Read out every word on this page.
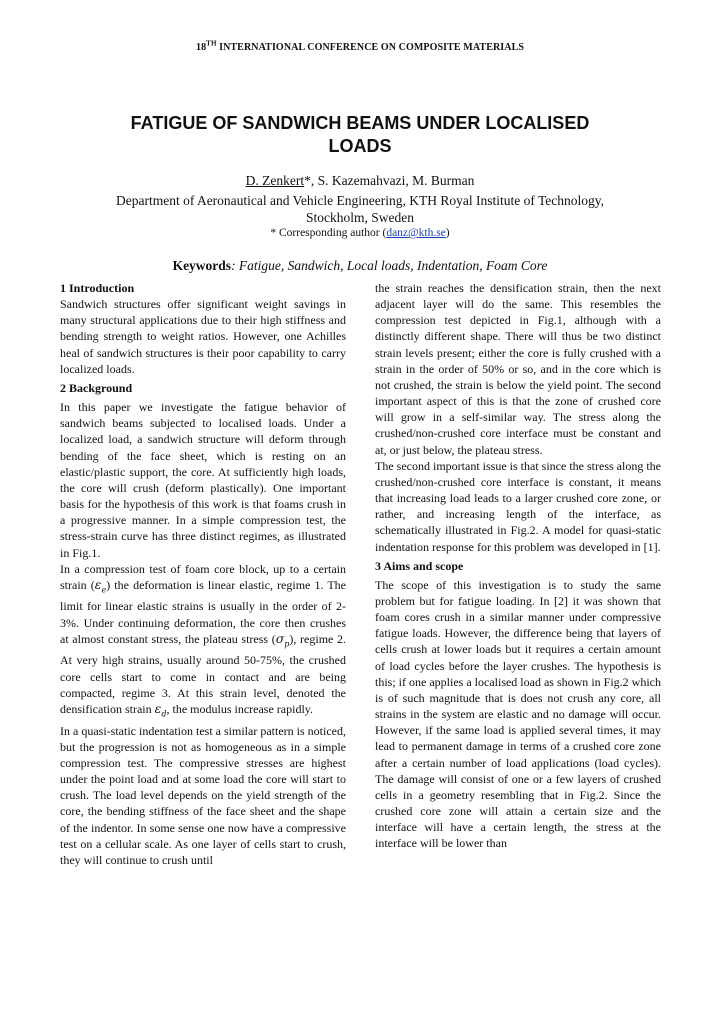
18TH INTERNATIONAL CONFERENCE ON COMPOSITE MATERIALS
FATIGUE OF SANDWICH BEAMS UNDER LOCALISED LOADS
D. Zenkert*, S. Kazemahvazi, M. Burman
Department of Aeronautical and Vehicle Engineering, KTH Royal Institute of Technology, Stockholm, Sweden
* Corresponding author (danz@kth.se)
Keywords: Fatigue, Sandwich, Local loads, Indentation, Foam Core
1 Introduction

Sandwich structures offer significant weight savings in many structural applications due to their high stiffness and bending strength to weight ratios. However, one Achilles heal of sandwich structures is their poor capability to carry localized loads.

2 Background

In this paper we investigate the fatigue behavior of sandwich beams subjected to localised loads. Under a localized load, a sandwich structure will deform through bending of the face sheet, which is resting on an elastic/plastic support, the core. At sufficiently high loads, the core will crush (deform plastically). One important basis for the hypothesis of this work is that foams crush in a progressive manner. In a simple compression test, the stress-strain curve has three distinct regimes, as illustrated in Fig.1.

In a compression test of foam core block, up to a certain strain $(\varepsilon_e)$ the deformation is linear elastic, regime 1. The limit for linear elastic strains is usually in the order of 2-3%. Under continuing deformation, the core then crushes at almost constant stress, the plateau stress $(\sigma_p)$, regime 2. At very high strains, usually around 50-75%, the crushed core cells start to come in contact and are being compacted, regime 3. At this strain level, denoted the densification strain $\varepsilon_d$, the modulus increase rapidly.

In a quasi-static indentation test a similar pattern is noticed, but the progression is not as homogeneous as in a simple compression test. The compressive stresses are highest under the point load and at some load the core will start to crush. The load level depends on the yield strength of the core, the bending stiffness of the face sheet and the shape of the indentor. In some sense one now have a compressive test on a cellular scale. As one layer of cells start to crush, they will continue to crush until

the strain reaches the densification strain, then the next adjacent layer will do the same. This resembles the compression test depicted in Fig.1, although with a distinctly different shape. There will thus be two distinct strain levels present; either the core is fully crushed with a strain in the order of 50% or so, and in the core which is not crushed, the strain is below the yield point. The second important aspect of this is that the zone of crushed core will grow in a self-similar way. The stress along the crushed/non-crushed core interface must be constant and at, or just below, the plateau stress.

The second important issue is that since the stress along the crushed/non-crushed core interface is constant, it means that increasing load leads to a larger crushed core zone, or rather, and increasing length of the interface, as schematically illustrated in Fig.2. A model for quasi-static indentation response for this problem was developed in [1].

3 Aims and scope

The scope of this investigation is to study the same problem but for fatigue loading. In [2] it was shown that foam cores crush in a similar manner under compressive fatigue loads. However, the difference being that layers of cells crush at lower loads but it requires a certain amount of load cycles before the layer crushes. The hypothesis is this; if one applies a localised load as shown in Fig.2 which is of such magnitude that is does not crush any core, all strains in the system are elastic and no damage will occur. However, if the same load is applied several times, it may lead to permanent damage in terms of a crushed core zone after a certain number of load applications (load cycles). The damage will consist of one or a few layers of crushed cells in a geometry resembling that in Fig.2. Since the crushed core zone will attain a certain size and the interface will have a certain length, the stress at the interface will be lower than
